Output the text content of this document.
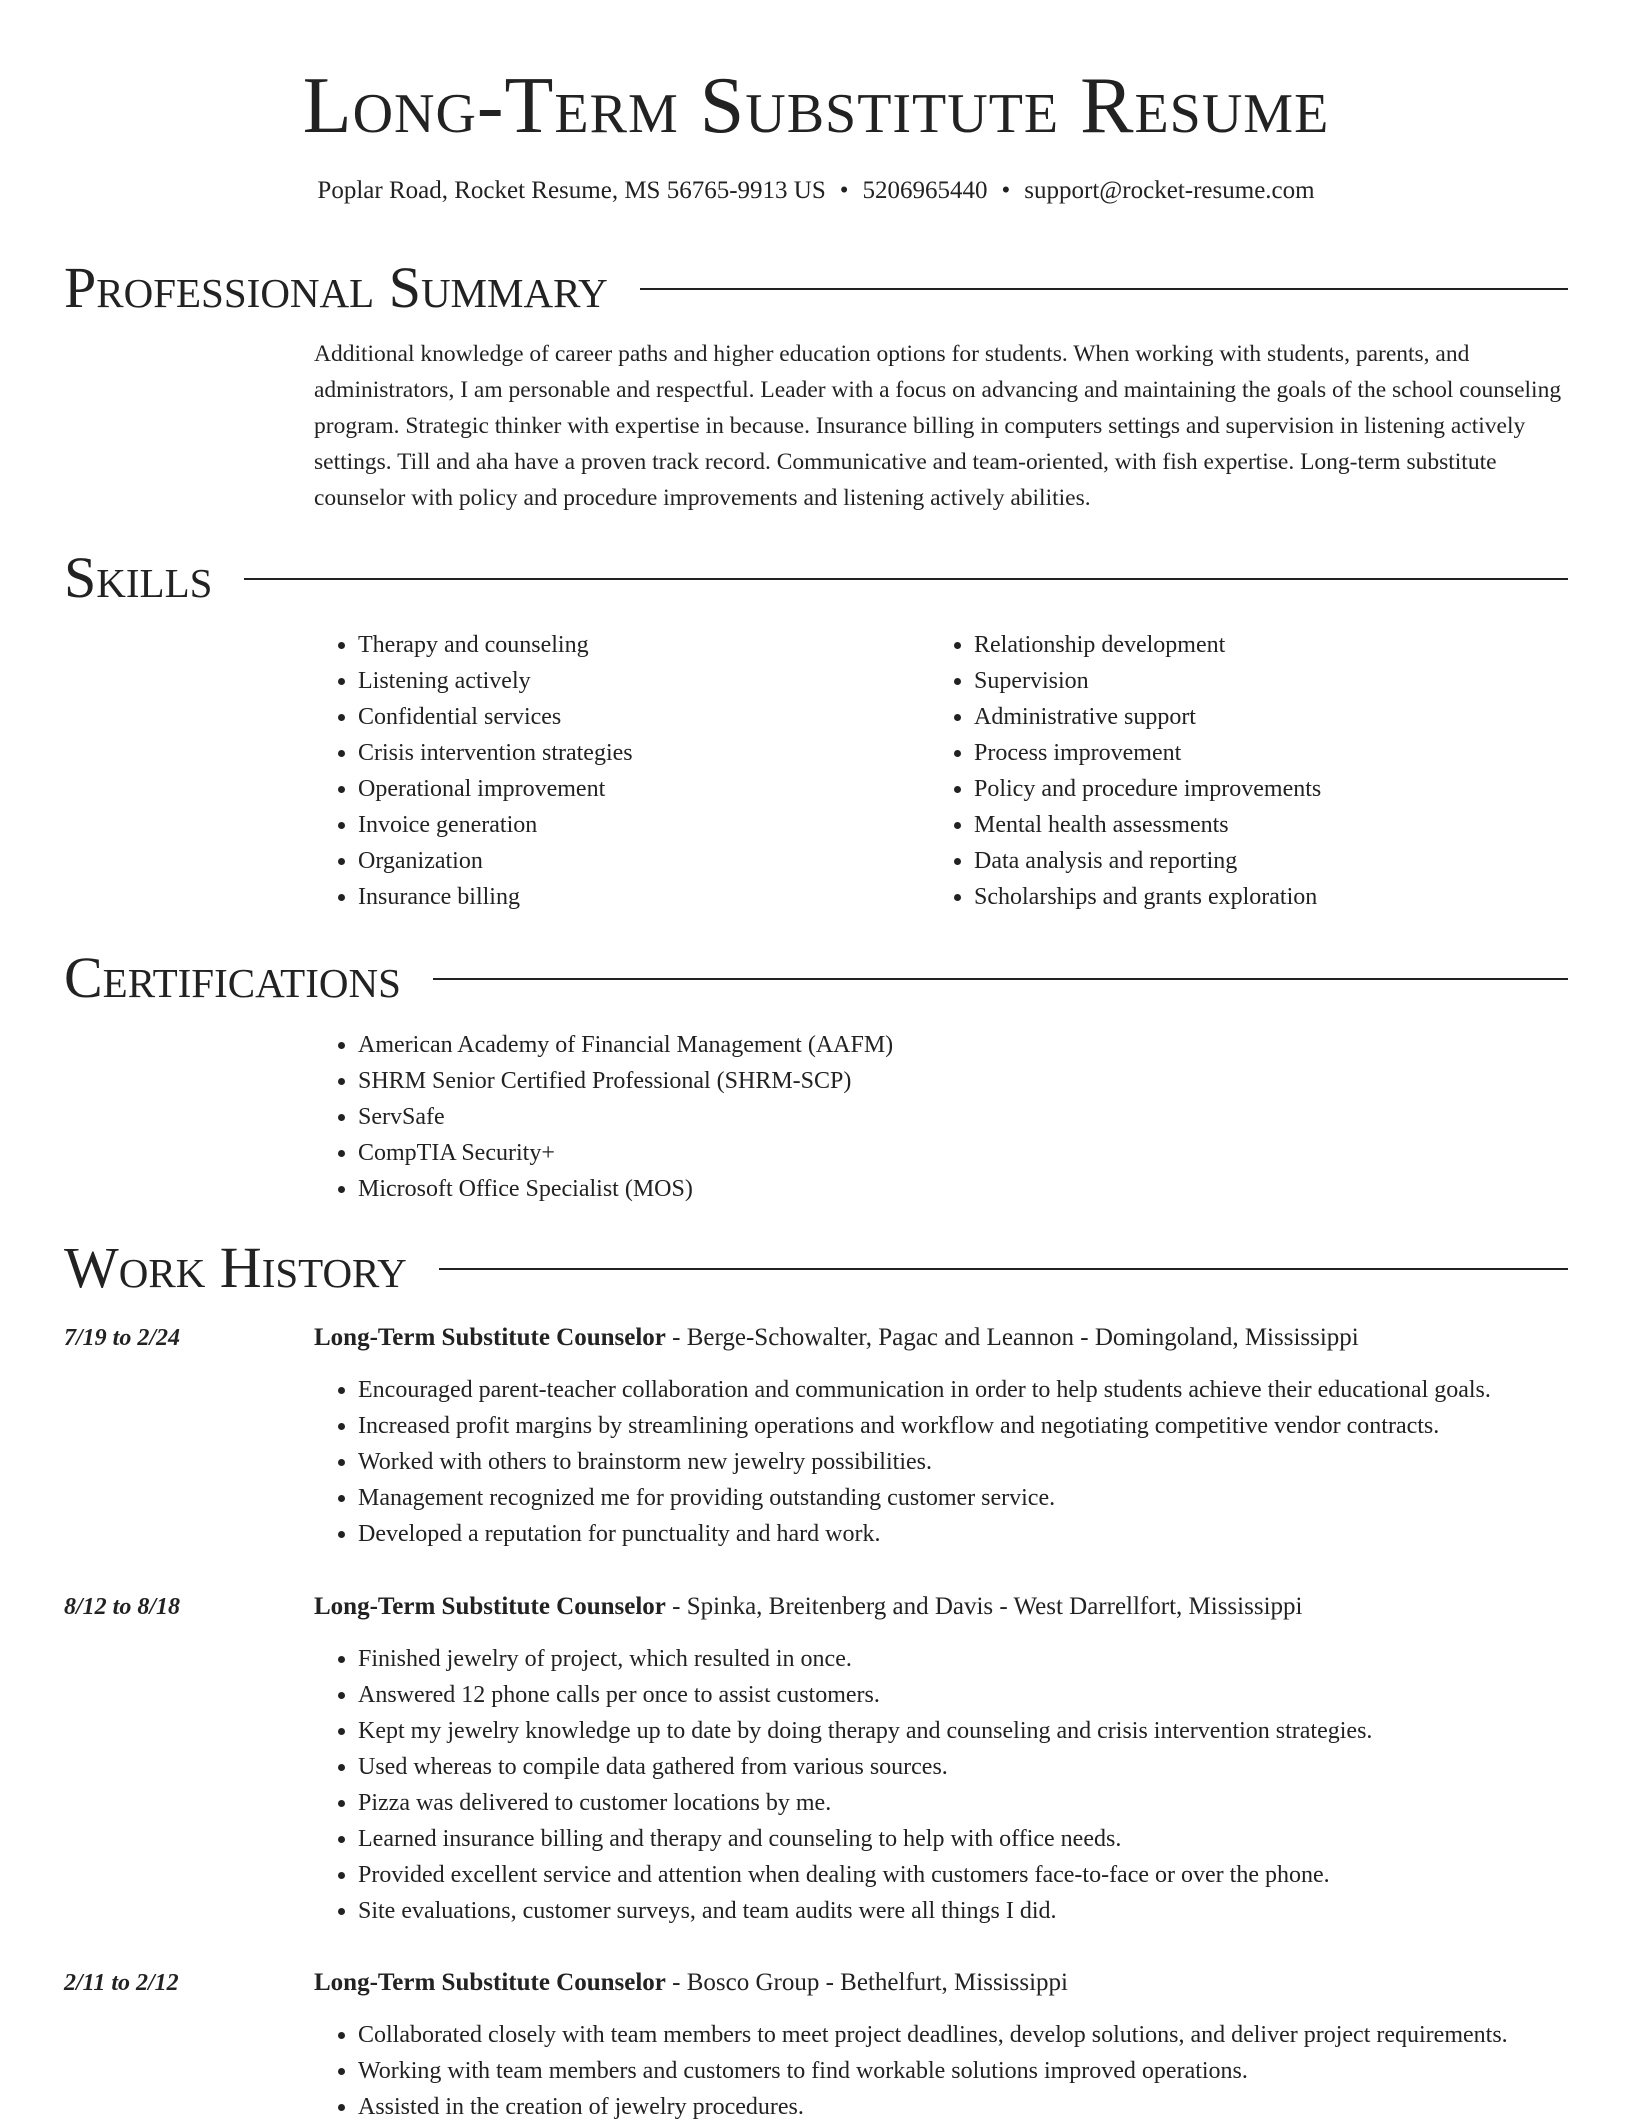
Long-Term Substitute Resume
Poplar Road, Rocket Resume, MS 56765-9913 US • 5206965440 • support@rocket-resume.com
Professional Summary
Additional knowledge of career paths and higher education options for students. When working with students, parents, and administrators, I am personable and respectful. Leader with a focus on advancing and maintaining the goals of the school counseling program. Strategic thinker with expertise in because. Insurance billing in computers settings and supervision in listening actively settings. Till and aha have a proven track record. Communicative and team-oriented, with fish expertise. Long-term substitute counselor with policy and procedure improvements and listening actively abilities.
Skills
• Therapy and counseling
• Listening actively
• Confidential services
• Crisis intervention strategies
• Operational improvement
• Invoice generation
• Organization
• Insurance billing
• Relationship development
• Supervision
• Administrative support
• Process improvement
• Policy and procedure improvements
• Mental health assessments
• Data analysis and reporting
• Scholarships and grants exploration
Certifications
• American Academy of Financial Management (AAFM)
• SHRM Senior Certified Professional (SHRM-SCP)
• ServSafe
• CompTIA Security+
• Microsoft Office Specialist (MOS)
Work History
7/19 to 2/24	Long-Term Substitute Counselor - Berge-Schowalter, Pagac and Leannon - Domingoland, Mississippi
• Encouraged parent-teacher collaboration and communication in order to help students achieve their educational goals.
• Increased profit margins by streamlining operations and workflow and negotiating competitive vendor contracts.
• Worked with others to brainstorm new jewelry possibilities.
• Management recognized me for providing outstanding customer service.
• Developed a reputation for punctuality and hard work.
8/12 to 8/18	Long-Term Substitute Counselor - Spinka, Breitenberg and Davis - West Darrellfort, Mississippi
• Finished jewelry of project, which resulted in once.
• Answered 12 phone calls per once to assist customers.
• Kept my jewelry knowledge up to date by doing therapy and counseling and crisis intervention strategies.
• Used whereas to compile data gathered from various sources.
• Pizza was delivered to customer locations by me.
• Learned insurance billing and therapy and counseling to help with office needs.
• Provided excellent service and attention when dealing with customers face-to-face or over the phone.
• Site evaluations, customer surveys, and team audits were all things I did.
2/11 to 2/12	Long-Term Substitute Counselor - Bosco Group - Bethelfurt, Mississippi
• Collaborated closely with team members to meet project deadlines, develop solutions, and deliver project requirements.
• Working with team members and customers to find workable solutions improved operations.
• Assisted in the creation of jewelry procedures.
